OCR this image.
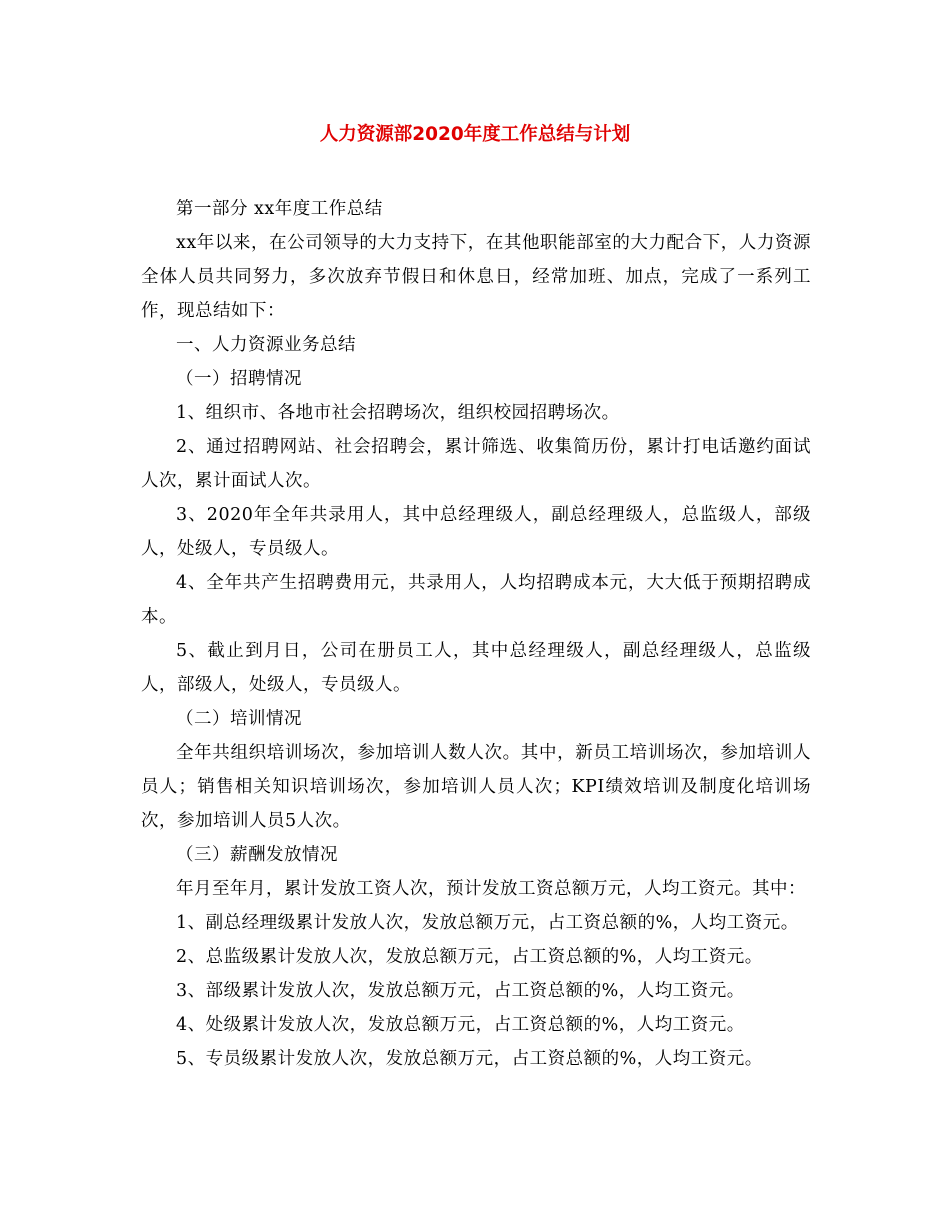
人力资源部2020年度工作总结与计划

第一部分 xx年度工作总结

xx年以来，在公司领导的大力支持下，在其他职能部室的大力配合下，人力资源全体人员共同努力，多次放弃节假日和休息日，经常加班、加点，完成了一系列工作，现总结如下：

一、人力资源业务总结

（一）招聘情况

1、组织市、各地市社会招聘场次，组织校园招聘场次。

2、通过招聘网站、社会招聘会，累计筛选、收集简历份，累计打电话邀约面试人次，累计面试人次。

3、2020年全年共录用人，其中总经理级人，副总经理级人，总监级人，部级人，处级人，专员级人。

4、全年共产生招聘费用元，共录用人，人均招聘成本元，大大低于预期招聘成本。

5、截止到月日，公司在册员工人，其中总经理级人，副总经理级人，总监级人，部级人，处级人，专员级人。

（二）培训情况

全年共组织培训场次，参加培训人数人次。其中，新员工培训场次，参加培训人员人；销售相关知识培训场次，参加培训人员人次；KPI绩效培训及制度化培训场次，参加培训人员5人次。

（三）薪酬发放情况

年月至年月，累计发放工资人次，预计发放工资总额万元，人均工资元。其中：

1、副总经理级累计发放人次，发放总额万元，占工资总额的%，人均工资元。

2、总监级累计发放人次，发放总额万元，占工资总额的%，人均工资元。

3、部级累计发放人次，发放总额万元，占工资总额的%，人均工资元。

4、处级累计发放人次，发放总额万元，占工资总额的%，人均工资元。

5、专员级累计发放人次，发放总额万元，占工资总额的%，人均工资元。
